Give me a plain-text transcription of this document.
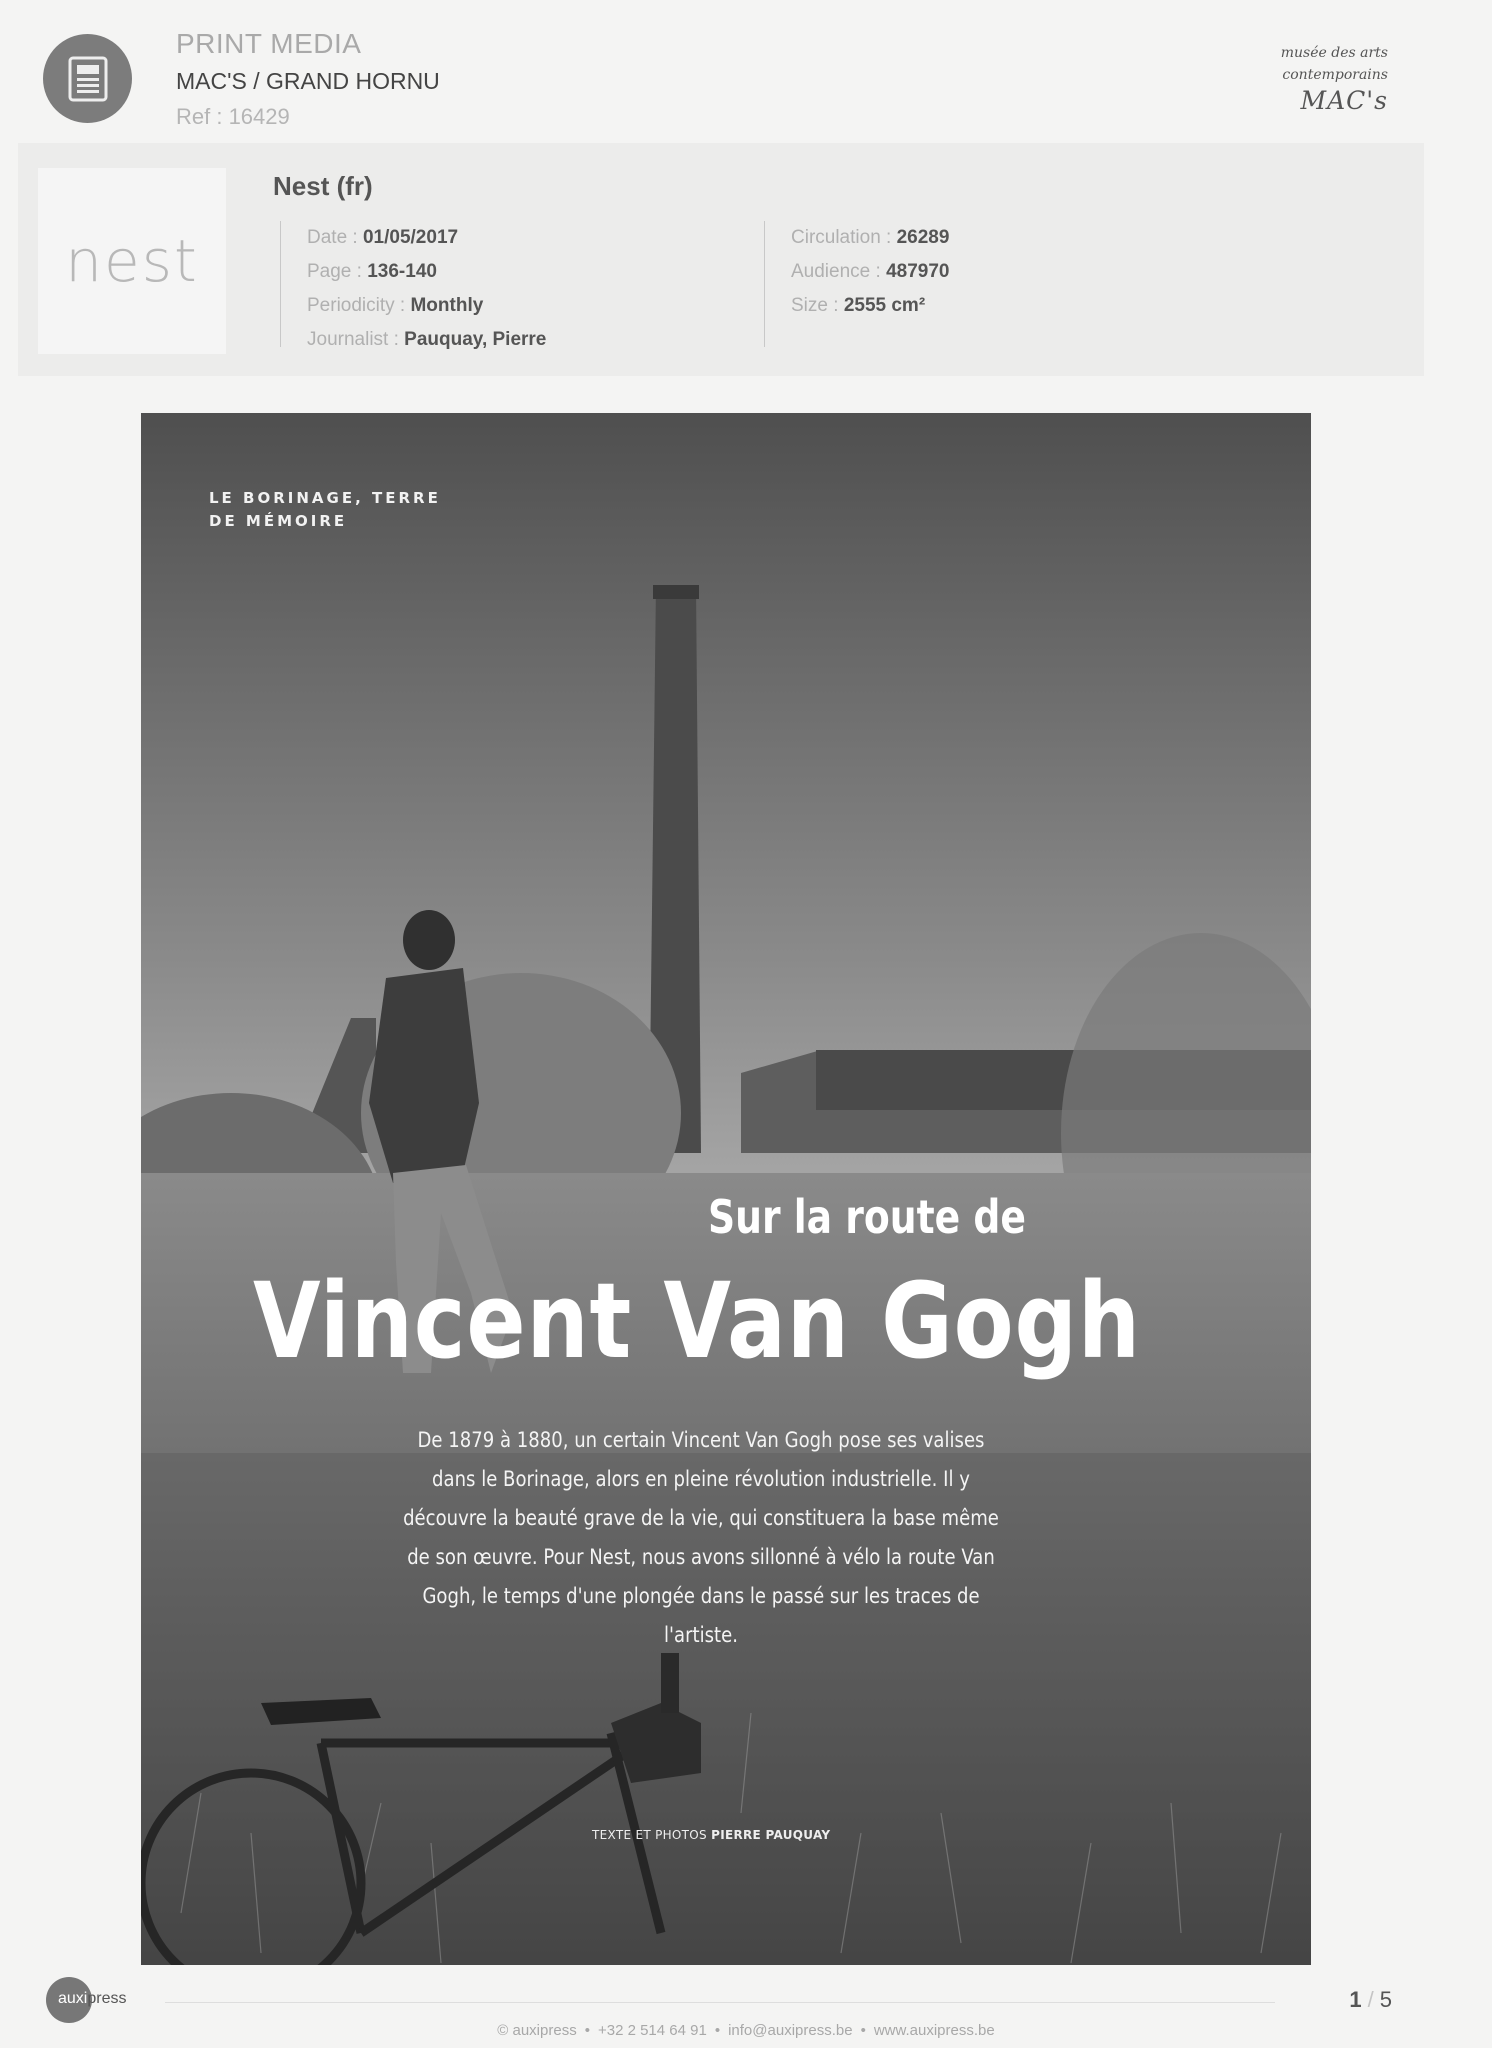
PRINT MEDIA
MAC'S / GRAND HORNU
Ref : 16429
musée des arts
contemporains
MAC's
nest
Nest (fr)
Date : 01/05/2017
Page : 136-140
Periodicity : Monthly
Journalist : Pauquay, Pierre
Circulation : 26289
Audience : 487970
Size : 2555 cm²
LE BORINAGE, TERRE DE MÉMOIRE
Sur la route de
Vincent Van Gogh
De 1879 à 1880, un certain Vincent Van Gogh pose ses valises dans le Borinage, alors en pleine révolution industrielle. Il y découvre la beauté grave de la vie, qui constituera la base même de son œuvre. Pour Nest, nous avons sillonné à vélo la route Van Gogh, le temps d'une plongée dans le passé sur les traces de l'artiste.
TEXTE ET PHOTOS PIERRE PAUQUAY
auxipress	1 / 5
© auxipress • +32 2 514 64 91 • info@auxipress.be • www.auxipress.be
